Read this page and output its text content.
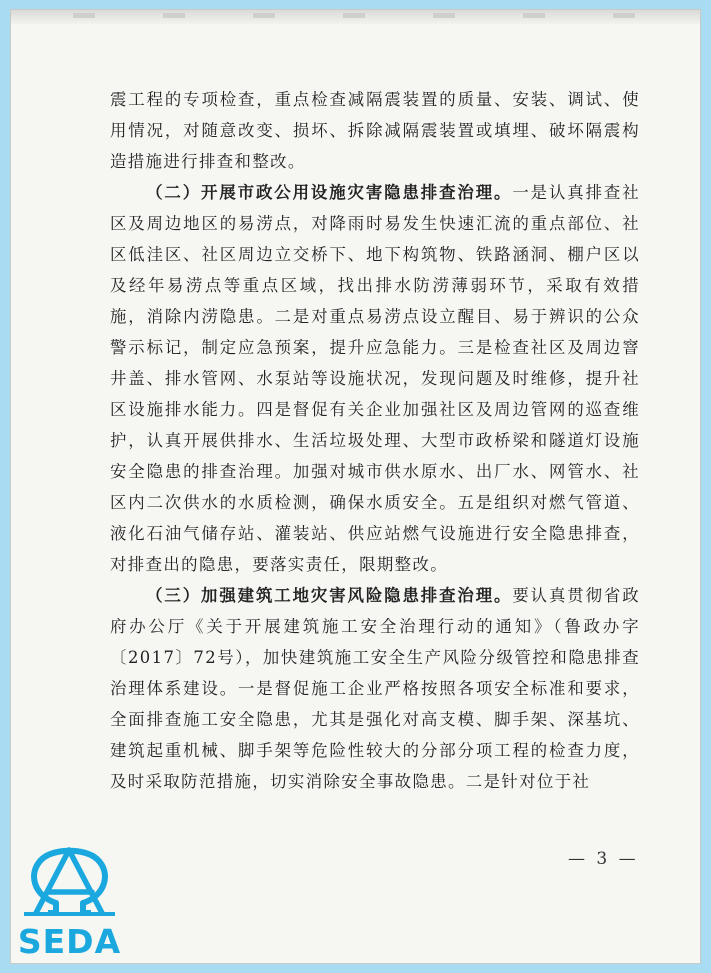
震工程的专项检查，重点检查减隔震装置的质量、安装、调试、使用情况，对随意改变、损坏、拆除减隔震装置或填埋、破坏隔震构造措施进行排查和整改。

（二）开展市政公用设施灾害隐患排查治理。一是认真排查社区及周边地区的易涝点，对降雨时易发生快速汇流的重点部位、社区低洼区、社区周边立交桥下、地下构筑物、铁路涵洞、棚户区以及经年易涝点等重点区域，找出排水防涝薄弱环节，采取有效措施，消除内涝隐患。二是对重点易涝点设立醒目、易于辨识的公众警示标记，制定应急预案，提升应急能力。三是检查社区及周边窨井盖、排水管网、水泵站等设施状况，发现问题及时维修，提升社区设施排水能力。四是督促有关企业加强社区及周边管网的巡查维护，认真开展供排水、生活垃圾处理、大型市政桥梁和隧道灯设施安全隐患的排查治理。加强对城市供水原水、出厂水、网管水、社区内二次供水的水质检测，确保水质安全。五是组织对燃气管道、液化石油气储存站、灌装站、供应站燃气设施进行安全隐患排查，对排查出的隐患，要落实责任，限期整改。

（三）加强建筑工地灾害风险隐患排查治理。要认真贯彻省政府办公厅《关于开展建筑施工安全治理行动的通知》（鲁政办字〔2017〕72号），加快建筑施工安全生产风险分级管控和隐患排查治理体系建设。一是督促施工企业严格按照各项安全标准和要求，全面排查施工安全隐患，尤其是强化对高支模、脚手架、深基坑、建筑起重机械、脚手架等危险性较大的分部分项工程的检查力度，及时采取防范措施，切实消除安全事故隐患。二是针对位于社

— 3 —
SEDA
